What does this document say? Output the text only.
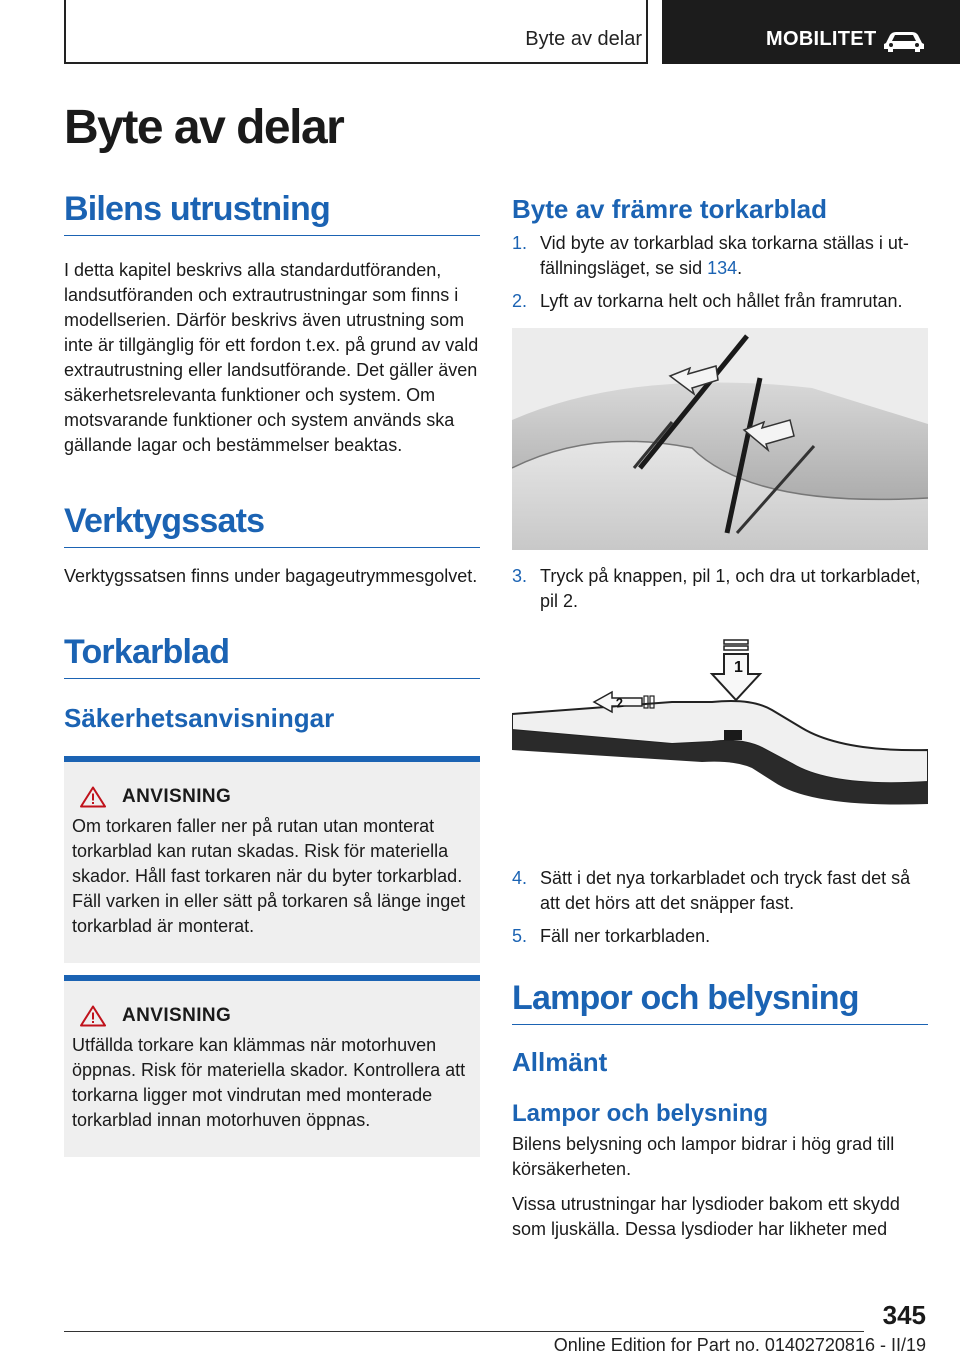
Byte av delar	MOBILITET
Byte av delar
Bilens utrustning

I detta kapitel beskrivs alla standardutföranden, landsutföranden och extrautrustningar som finns i modellserien. Därför beskrivs även utrustning som inte är tillgänglig för ett fordon t.ex. på grund av vald extrautrustning eller landsutförande. Det gäller även säkerhetsrelevanta funktioner och system. Om motsvarande funktioner och system används ska gällande lagar och bestämmelser beaktas.

Verktygssats

Verktygssatsen finns under bagageutrymmesgolvet.

Torkarblad
Säkerhetsanvisningar
ANVISNING

Om torkaren faller ner på rutan utan monterat torkarblad kan rutan skadas. Risk för materiella skador. Håll fast torkaren när du byter torkarblad. Fäll varken in eller sätt på torkaren så länge inget torkarblad är monterat.

ANVISNING

Utfällda torkare kan klämmas när motorhuven öppnas. Risk för materiella skador. Kontrollera att torkarna ligger mot vindrutan med monterade torkarblad innan motorhuven öppnas.

Byte av främre torkarblad
1. Vid byte av torkarblad ska torkarna ställas i utfällningsläget, se sid 134.
2. Lyft av torkarna helt och hållet från framrutan.
3. Tryck på knappen, pil 1, och dra ut torkarbladet, pil 2.
1
2
4. Sätt i det nya torkarbladet och tryck fast det så att det hörs att det snäpper fast.
5. Fäll ner torkarbladen.
Lampor och belysning
Allmänt
Lampor och belysning

Bilens belysning och lampor bidrar i hög grad till körsäkerheten.

Vissa utrustningar har lysdioder bakom ett skydd som ljuskälla. Dessa lysdioder har likheter med

345
Online Edition for Part no. 01402720816 - II/19
